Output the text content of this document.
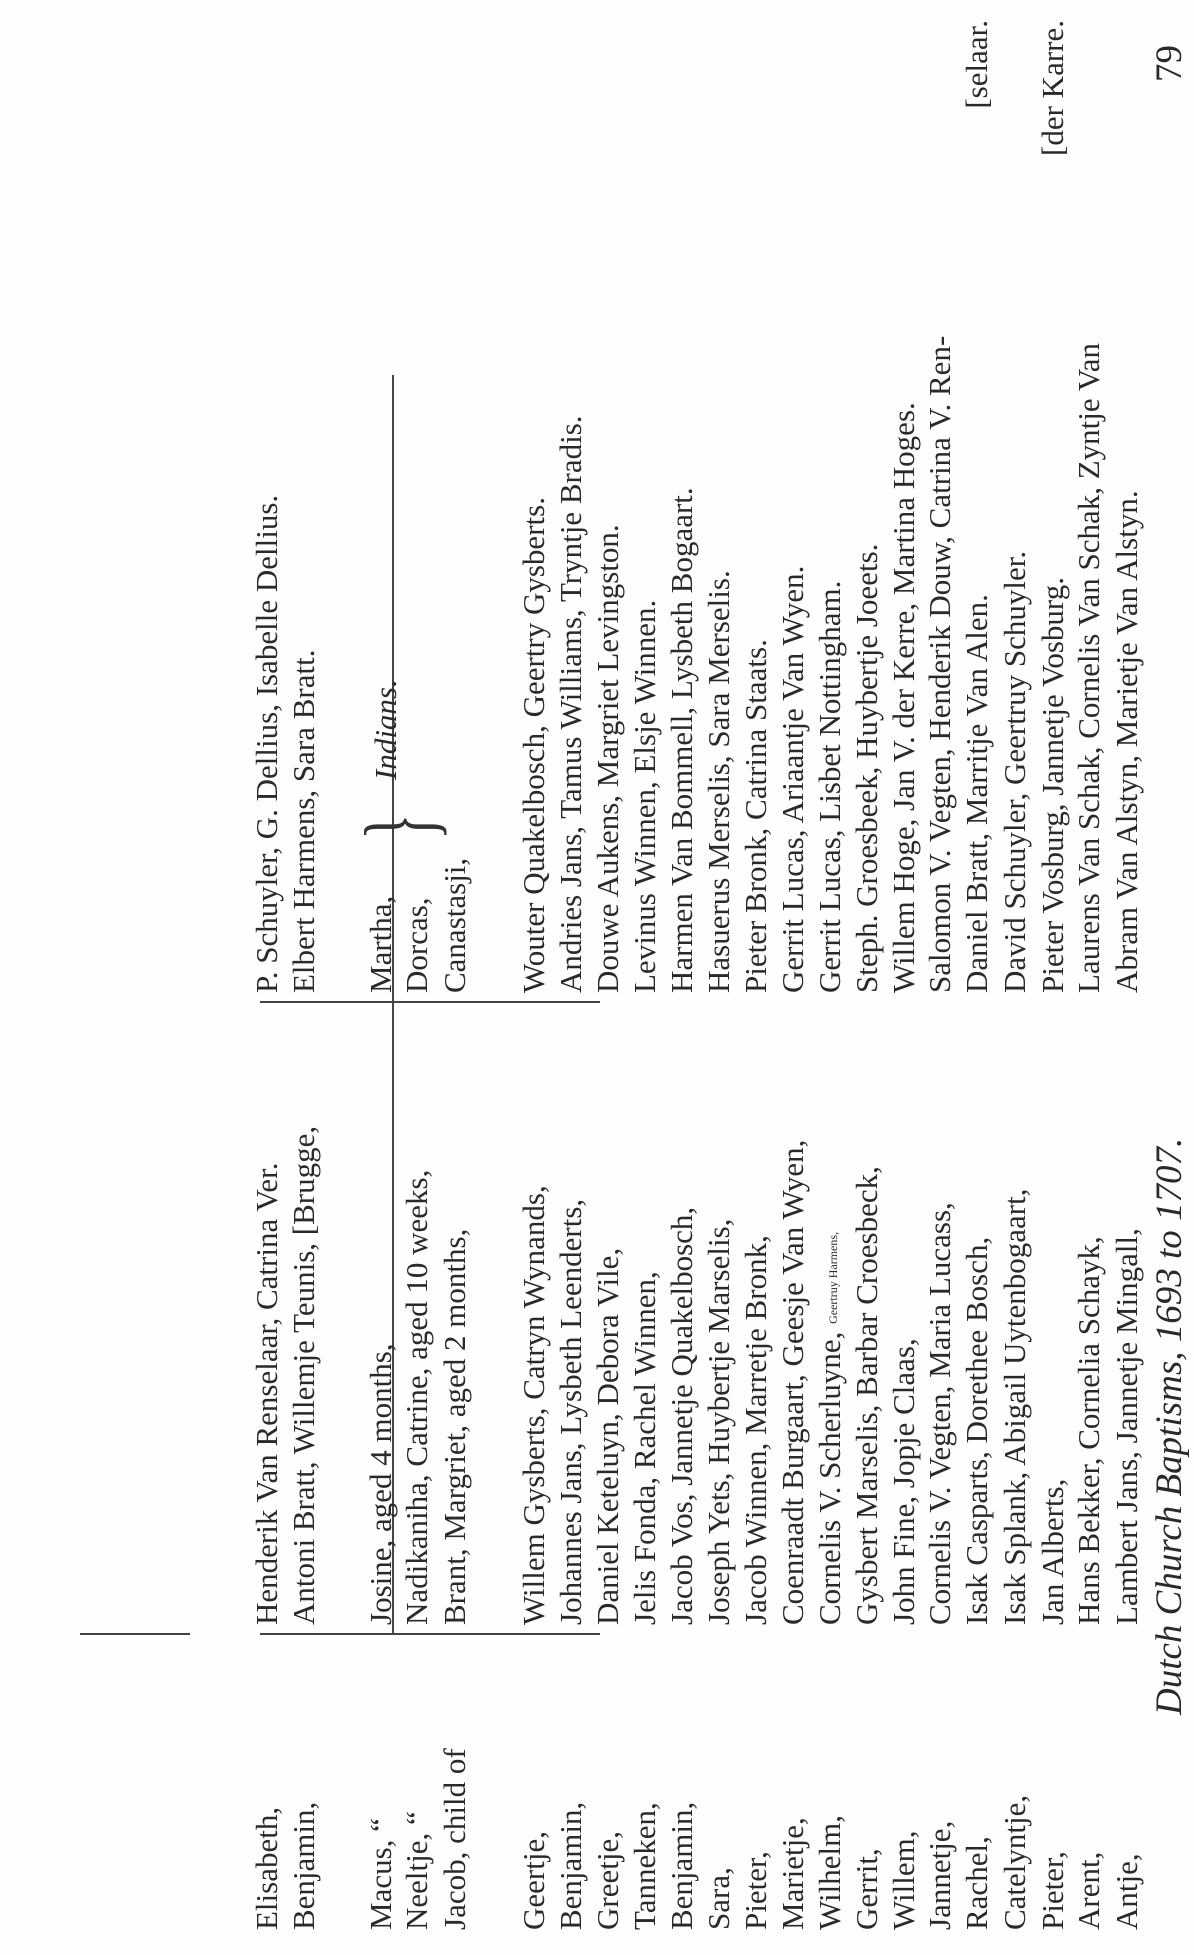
Dutch Church Baptisms, 1693 to 1707.
79
Antje,
Lambert Jans, Jannetje Mingall,
Abram Van Alstyn, Marietje Van Alstyn.
Arent,
Hans Bekker, Cornelia Schayk,
Laurens Van Schak, Cornelis Van Schak, Zyntje Van
Pieter,
Jan Alberts,
Pieter Vosburg, Jannetje Vosburg.
[der Karre.
Catelyntje,
Isak Splank, Abigail Uytenbogaart,
David Schuyler, Geertruy Schuyler.
Rachel,
Isak Casparts, Dorethee Bosch,
Daniel Bratt, Marritje Van Alen.
[selaar.
Jannetje,
Cornelis V. Vegten, Maria Lucass,
Salomon V. Vegten, Henderik Douw, Catrina V. Ren-
Willem,
John Fine, Jopje Claas,
Willem Hoge, Jan V. der Kerre, Martina Hoges.
Gerrit,
Gysbert Marselis, Barbar Croesbeck,
Steph. Groesbeek, Huybertje Joeets.
Wilhelm,
Cornelis V. Scherluyne, Geertruy Harmens,
Gerrit Lucas, Lisbet Nottingham.
Marietje,
Coenraadt Burgaart, Geesje Van Wyen,
Gerrit Lucas, Ariaantje Van Wyen.
Pieter,
Jacob Winnen, Marretje Bronk,
Pieter Bronk, Catrina Staats.
Sara,
Joseph Yets, Huybertje Marselis,
Hasuerus Merselis, Sara Merselis.
Benjamin,
Jacob Vos, Jannetje Quakelbosch,
Harmen Van Bommell, Lysbeth Bogaart.
Tanneken,
Jelis Fonda, Rachel Winnen,
Levinus Winnen, Elsje Winnen.
Greetje,
Daniel Keteluyn, Debora Vile,
Douwe Aukens, Margriet Levingston.
Benjamin,
Johannes Jans, Lysbeth Leenderts,
Andries Jans, Tamus Williams, Tryntje Bradis.
Geertje,
Willem Gysberts, Catryn Wynands,
Wouter Quakelbosch, Geertry Gysberts.
Jacob, child of
Brant, Margriet, aged 2 months,
Canastasji,
Neeltje, “
Nadikaniha, Catrine, aged 10 weeks,
Dorcas,
Macus, “
Josine, aged 4 months,
Martha,
}
Indians.
Benjamin,
Antoni Bratt, Willemje Teunis, [Brugge,
Elbert Harmens, Sara Bratt.
Elisabeth,
Henderik Van Renselaar, Catrina Ver.
P. Schuyler, G. Dellius, Isabelle Dellius.
